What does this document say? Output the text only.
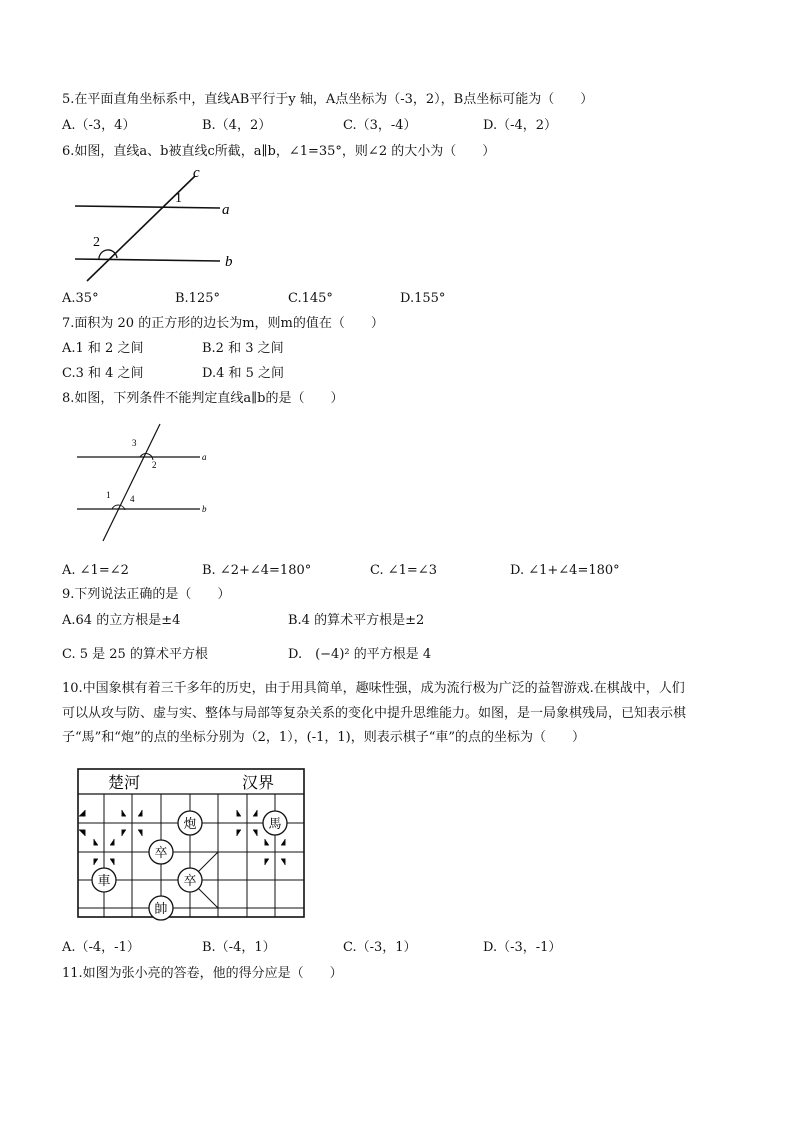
5.在平面直角坐标系中，直线AB平行于y 轴，A点坐标为（-3，2），B点坐标可能为（　　）
A.（-3，4）	B.（4，2）	C.（3，-4）	D.（-4，2）
6.如图，直线a、b被直线c所截，a∥b，∠1=35°，则∠2 的大小为（　　）
c
a
b
1
2
A.35°	B.125°	C.145°	D.155°
7.面积为 20 的正方形的边长为m，则m的值在（　　）
A.1 和 2 之间	B.2 和 3 之间
C.3 和 4 之间	D.4 和 5 之间
8.如图，下列条件不能判定直线a∥b的是（　　）
a
b
3
2
1 4
A. ∠1=∠2	B. ∠2+∠4=180°	C. ∠1=∠3	D. ∠1+∠4=180°
9.下列说法正确的是（　　）
A.64 的立方根是±4	B.4 的算术平方根是±2
C. 5 是 25 的算术平方根	D.　(−4)² 的平方根是 4
10.中国象棋有着三千多年的历史，由于用具简单，趣味性强，成为流行极为广泛的益智游戏.在棋战中，人们
可以从攻与防、虚与实、整体与局部等复杂关系的变化中提升思维能力。如图，是一局象棋残局，已知表示棋
子“馬”和“炮”的点的坐标分别为（2，1），(-1，1)，则表示棋子“車”的点的坐标为（　　）
楚河	汉界
炮	馬
卒
車	卒
帥
A.（-4，-1）	B.（-4，1）	C.（-3，1）	D.（-3，-1）
11.如图为张小亮的答卷，他的得分应是（　　）
